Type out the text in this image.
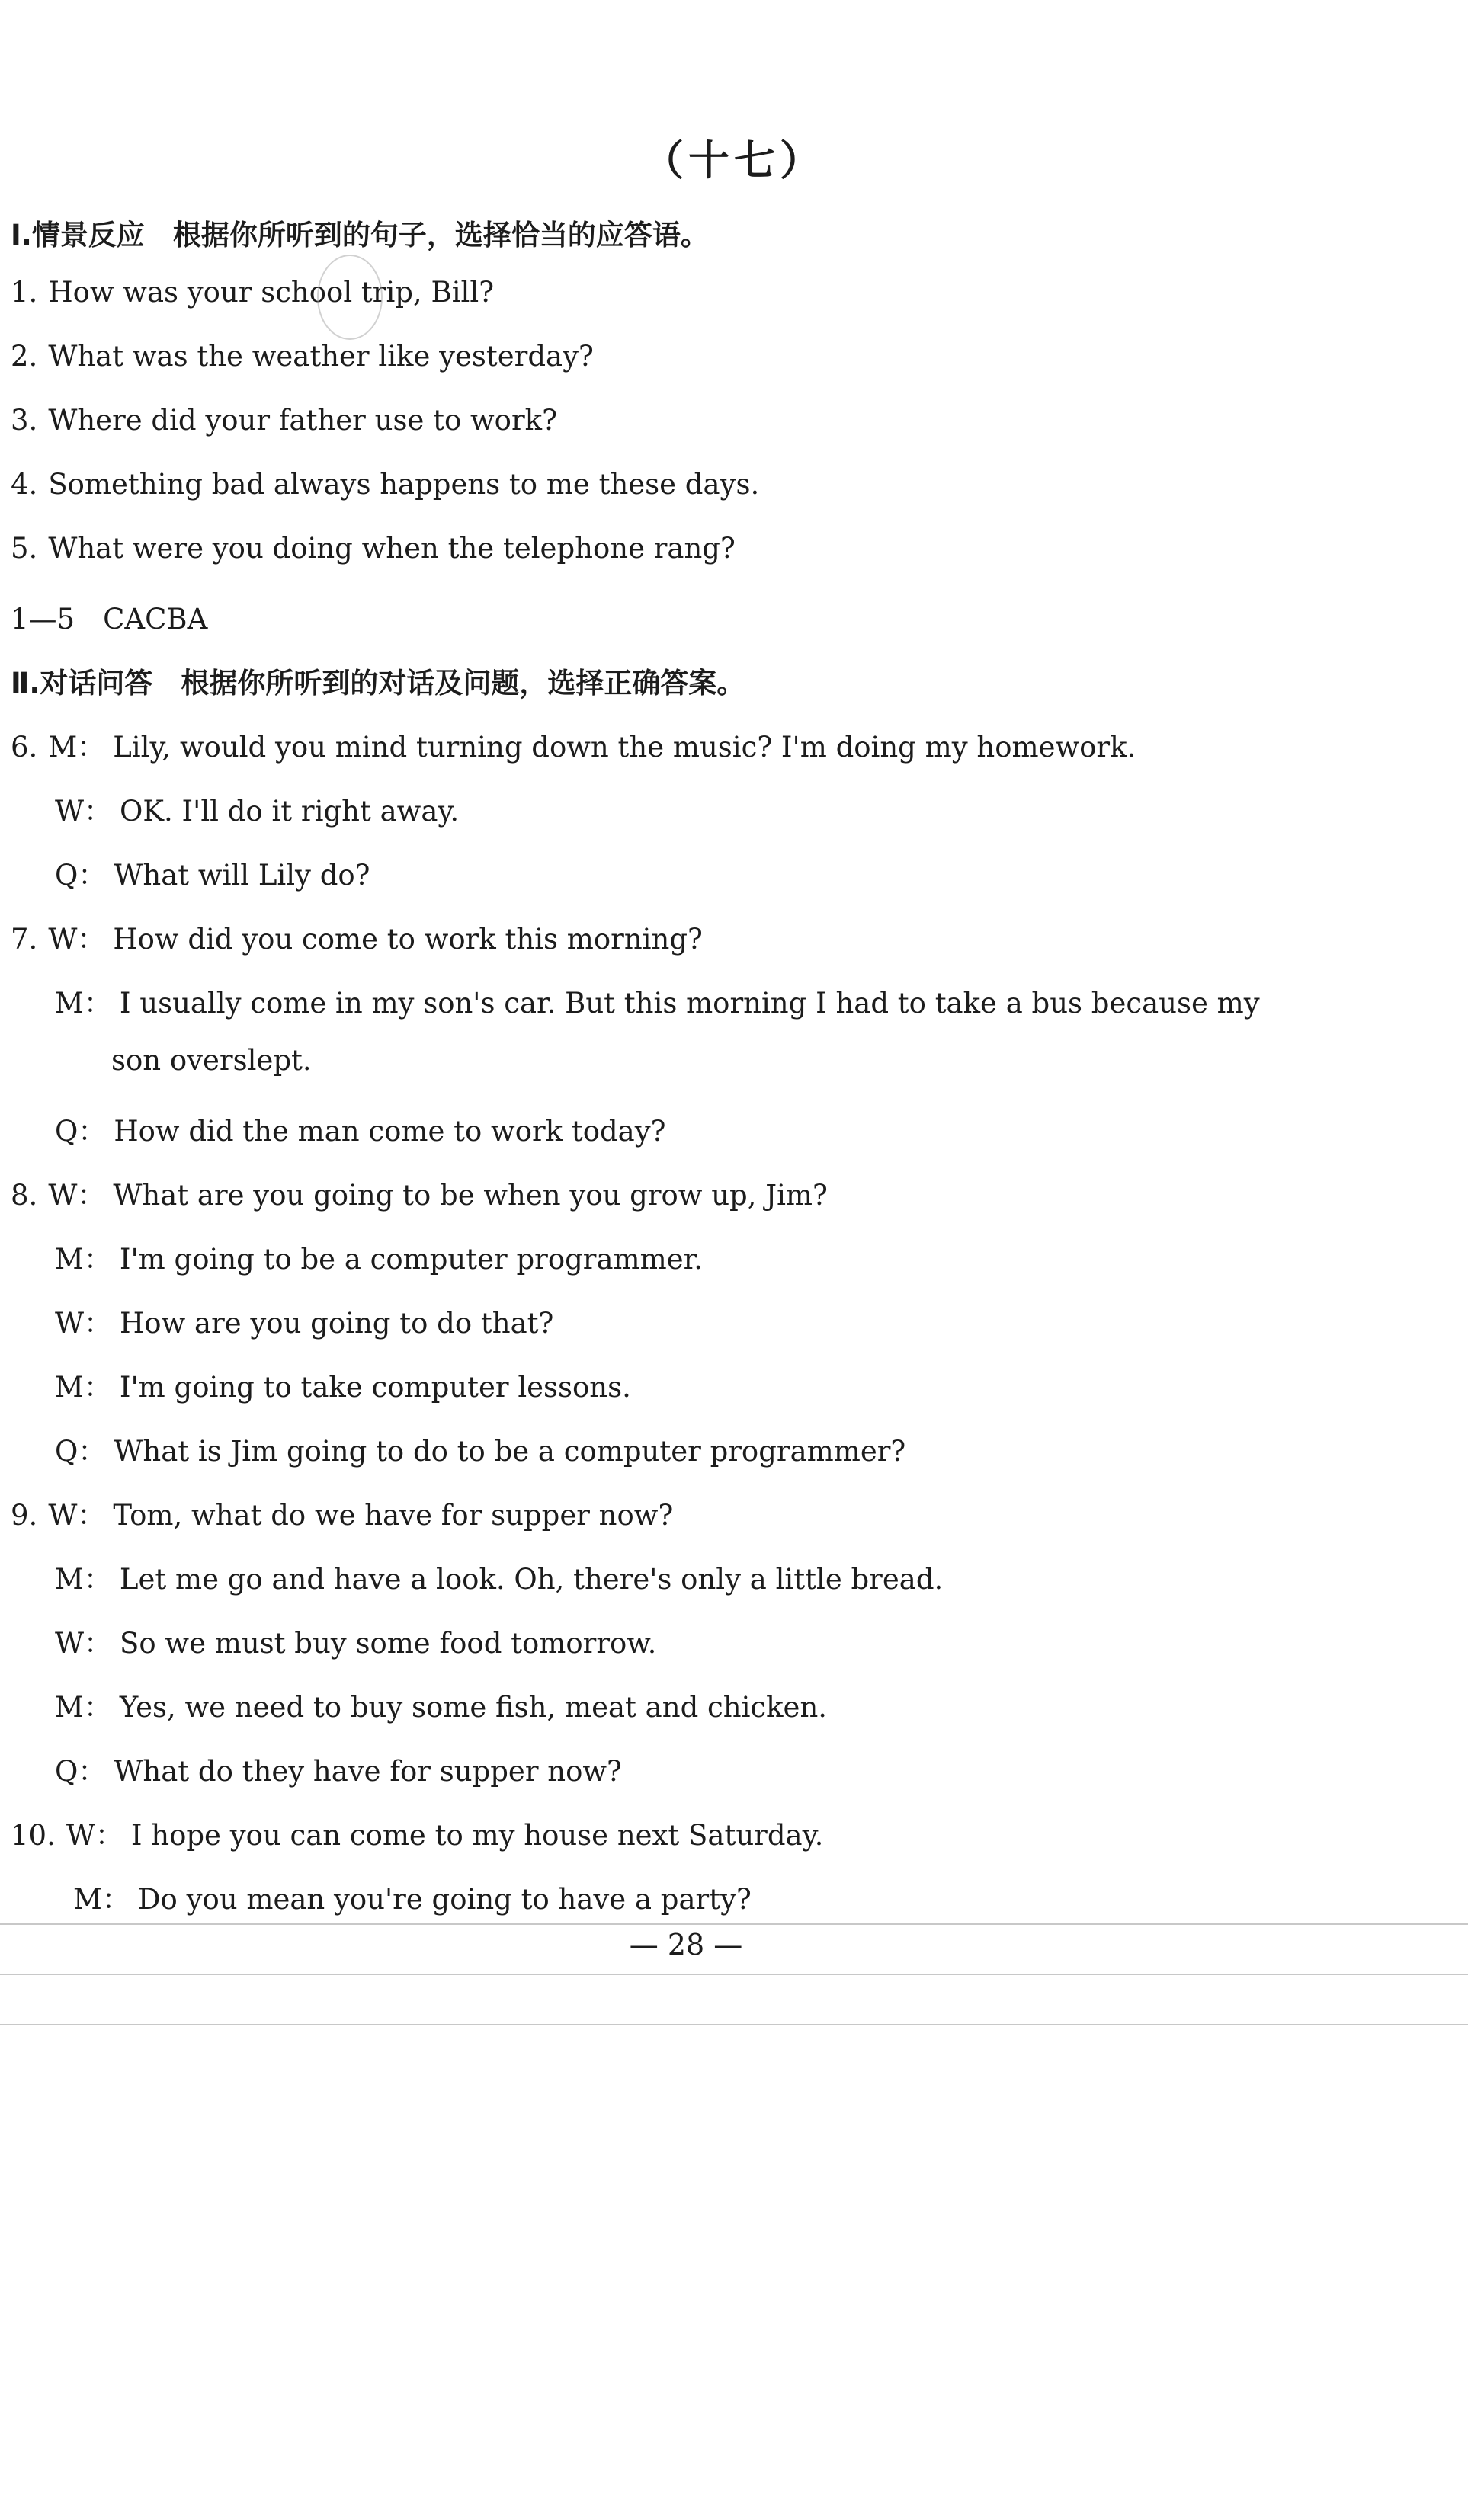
（十七）
Ⅰ.情景反应　根据你所听到的句子，选择恰当的应答语。
1. How was your school trip, Bill?
2. What was the weather like yesterday?
3. Where did your father use to work?
4. Something bad always happens to me these days.
5. What were you doing when the telephone rang?
1—5　CACBA
Ⅱ.对话问答　根据你所听到的对话及问题，选择正确答案。
6. M： Lily, would you mind turning down the music? I'm doing my homework.
W： OK. I'll do it right away.
Q： What will Lily do?
7. W： How did you come to work this morning?
M： I usually come in my son's car. But this morning I had to take a bus because my
son overslept.
Q： How did the man come to work today?
8. W： What are you going to be when you grow up, Jim?
M： I'm going to be a computer programmer.
W： How are you going to do that?
M： I'm going to take computer lessons.
Q： What is Jim going to do to be a computer programmer?
9. W： Tom, what do we have for supper now?
M： Let me go and have a look. Oh, there's only a little bread.
W： So we must buy some food tomorrow.
M： Yes, we need to buy some fish, meat and chicken.
Q： What do they have for supper now?
10. W： I hope you can come to my house next Saturday.
M： Do you mean you're going to have a party?
— 28 —
